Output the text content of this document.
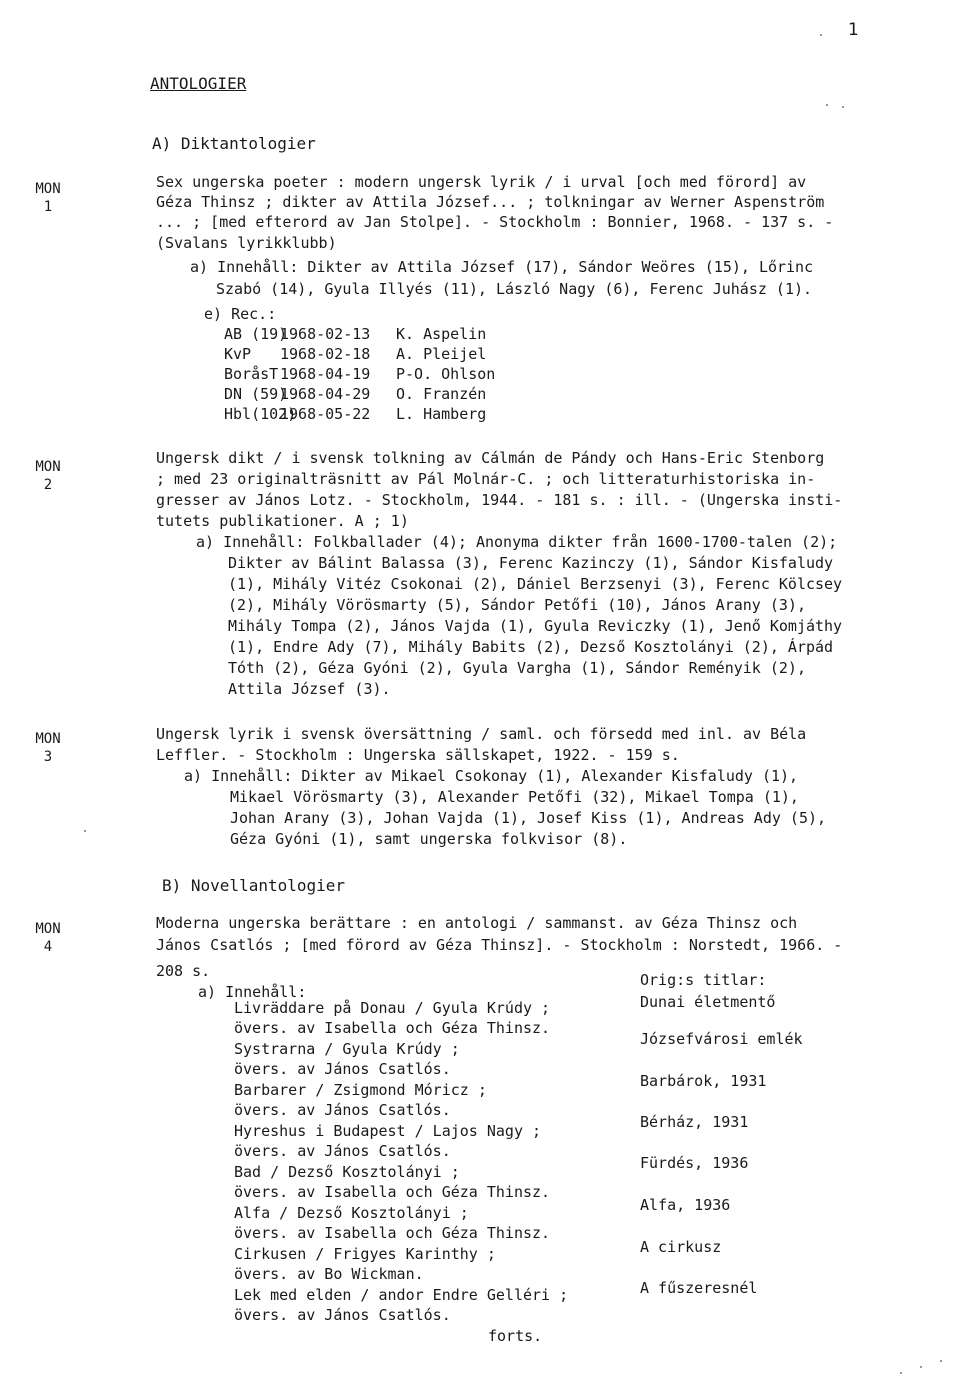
1
ANTOLOGIER
A) Diktantologier
MON
1
Sex ungerska poeter : modern ungersk lyrik / i urval [och med förord] av
Géza Thinsz ; dikter av Attila József... ; tolkningar av Werner Aspenström
... ; [med efterord av Jan Stolpe]. - Stockholm : Bonnier, 1968. - 137 s. -
(Svalans lyrikklubb)
a) Innehåll: Dikter av Attila József (17), Sándor Weöres (15), Lőrinc
Szabó (14), Gyula Illyés (11), László Nagy (6), Ferenc Juhász (1).
e) Rec.:
AB (19)1968-02-13 K. Aspelin
KvP 1968-02-18 A. Pleijel
BoråsT 1968-04-19 P-O. Ohlson
DN (59)1968-04-29 O. Franzén
Hbl(102)1968-05-22 L. Hamberg
MON
2
Ungersk dikt / i svensk tolkning av Cálmán de Pándy och Hans-Eric Stenborg
; med 23 originalträsnitt av Pál Molnár-C. ; och litteraturhistoriska in-
gresser av János Lotz. - Stockholm, 1944. - 181 s. : ill. - (Ungerska insti-
tutets publikationer. A ; 1)
a) Innehåll: Folkballader (4); Anonyma dikter från 1600-1700-talen (2);
Dikter av Bálint Balassa (3), Ferenc Kazinczy (1), Sándor Kisfaludy
(1), Mihály Vitéz Csokonai (2), Dániel Berzsenyi (3), Ferenc Kölcsey
(2), Mihály Vörösmarty (5), Sándor Petőfi (10), János Arany (3),
Mihály Tompa (2), János Vajda (1), Gyula Reviczky (1), Jenő Komjáthy
(1), Endre Ady (7), Mihály Babits (2), Dezső Kosztolányi (2), Árpád
Tóth (2), Géza Gyóni (2), Gyula Vargha (1), Sándor Reményik (2),
Attila József (3).
MON
3
Ungersk lyrik i svensk översättning / saml. och försedd med inl. av Béla
Leffler. - Stockholm : Ungerska sällskapet, 1922. - 159 s.
a) Innehåll: Dikter av Mikael Csokonay (1), Alexander Kisfaludy (1),
Mikael Vörösmarty (3), Alexander Petőfi (32), Mikael Tompa (1),
Johan Arany (3), Johan Vajda (1), Josef Kiss (1), Andreas Ady (5),
Géza Gyóni (1), samt ungerska folkvisor (8).
B) Novellantologier
MON
4
Moderna ungerska berättare : en antologi / sammanst. av Géza Thinsz och
János Csatlós ; [med förord av Géza Thinsz]. - Stockholm : Norstedt, 1966. -
208 s.
a) Innehåll:
Orig:s titlar:
Livräddare på Donau / Gyula Krúdy ;
övers. av Isabella och Géza Thinsz.
Dunai életmentő
Systrarna / Gyula Krúdy ;
övers. av János Csatlós.
Józsefvárosi emlék
Barbarer / Zsigmond Móricz ;
övers. av János Csatlós.
Barbárok, 1931
Hyreshus i Budapest / Lajos Nagy ;
övers. av János Csatlós.
Bérház, 1931
Bad / Dezső Kosztolányi ;
övers. av Isabella och Géza Thinsz.
Fürdés, 1936
Alfa / Dezső Kosztolányi ;
övers. av Isabella och Géza Thinsz.
Alfa, 1936
Cirkusen / Frigyes Karinthy ;
övers. av Bo Wickman.
A cirkusz
Lek med elden / andor Endre Gelléri ;
övers. av János Csatlós.
A fűszeresnél
forts.
